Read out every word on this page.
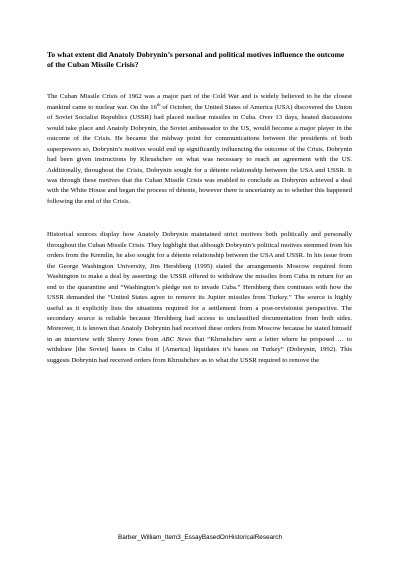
To what extent did Anatoly Dobrynin’s personal and political motives influence the outcome of the Cuban Missile Crisis?

The Cuban Missile Crisis of 1962 was a major part of the Cold War and is widely believed to be the closest mankind came to nuclear war. On the 16th of October, the United States of America (USA) discovered the Union of Soviet Socialist Republics (USSR) had placed nuclear missiles in Cuba. Over 13 days, heated discussions would take place and Anatoly Dobrynin, the Soviet ambassador to the US, would become a major player in the outcome of the Crisis. He became the midway point for communications between the presidents of both superpowers so, Dobrynin’s motives would end up significantly influencing the outcome of the Crisis. Dobrynin had been given instructions by Khrushchev on what was necessary to reach an agreement with the US. Additionally, throughout the Crisis, Dobrynin sought for a détente relationship between the USA and USSR. It was through these motives that the Cuban Missile Crisis was enabled to conclude as Dobrynin achieved a deal with the White House and began the process of détente, however there is uncertainty as to whether this happened following the end of the Crisis.

Historical sources display how Anatoly Dobrynin maintained strict motives both politically and personally throughout the Cuban Missile Crisis. They highlight that although Dobrynin’s political motives stemmed from his orders from the Kremlin, he also sought for a détente relationship between the USA and USSR. In his issue from the George Washington University, Jim Hershberg (1995) stated the arrangements Moscow required from Washington to make a deal by asserting: the USSR offered to withdraw the missiles from Cuba in return for an end to the quarantine and “Washington’s pledge not to invade Cuba.” Hershberg then continues with how the USSR demanded the “United States agree to remove its Jupiter missiles from Turkey.” The source is highly useful as it explicitly lists the situations required for a settlement from a post-revisionist perspective. The secondary source is reliable because Hershberg had access to unclassified documentation from both sides. Moreover, it is known that Anatoly Dobrynin had received these orders from Moscow because he stated himself in an interview with Sherry Jones from ABC News that “Khrushchev sent a letter where he proposed … to withdraw [the Soviet] bases in Cuba if [America] liquidates it’s bases on Turkey” (Dobrynin, 1992). This suggests Dobrynin had received orders from Khrushchev as to what the USSR required to remove the

Barber_William_Item3_EssayBasedOnHistoricalResearch
